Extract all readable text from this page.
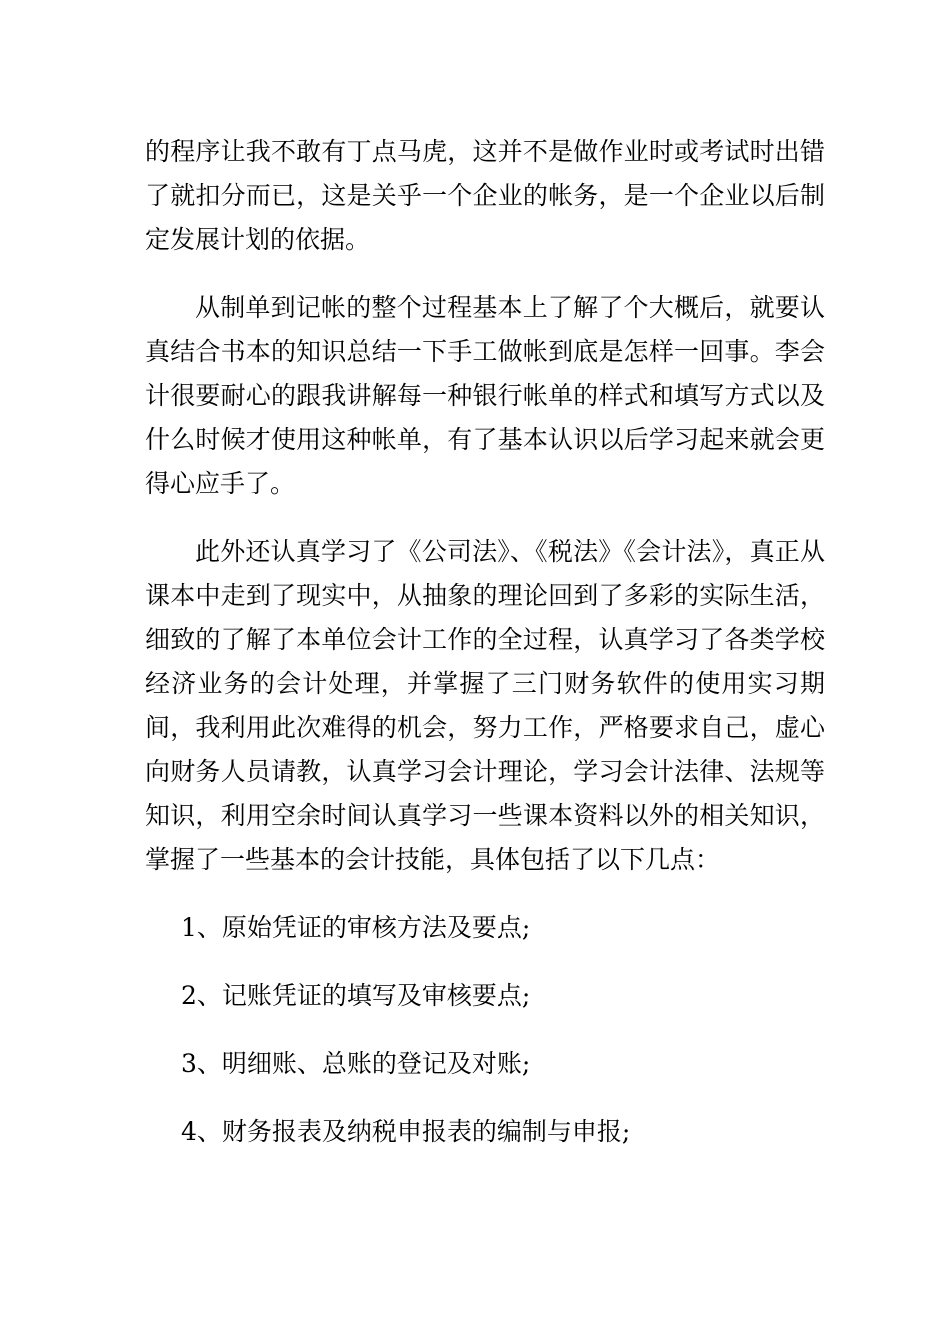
的程序让我不敢有丁点马虎，这并不是做作业时或考试时出错了就扣分而已，这是关乎一个企业的帐务，是一个企业以后制定发展计划的依据。

从制单到记帐的整个过程基本上了解了个大概后，就要认真结合书本的知识总结一下手工做帐到底是怎样一回事。李会计很要耐心的跟我讲解每一种银行帐单的样式和填写方式以及什么时候才使用这种帐单，有了基本认识以后学习起来就会更得心应手了。

此外还认真学习了《公司法》、《税法》《会计法》，真正从课本中走到了现实中，从抽象的理论回到了多彩的实际生活，细致的了解了本单位会计工作的全过程，认真学习了各类学校经济业务的会计处理，并掌握了三门财务软件的使用实习期间，我利用此次难得的机会，努力工作，严格要求自己，虚心向财务人员请教，认真学习会计理论，学习会计法律、法规等知识，利用空余时间认真学习一些课本资料以外的相关知识，掌握了一些基本的会计技能，具体包括了以下几点：

1、原始凭证的审核方法及要点;
2、记账凭证的填写及审核要点;
3、明细账、总账的登记及对账;
4、财务报表及纳税申报表的编制与申报;
